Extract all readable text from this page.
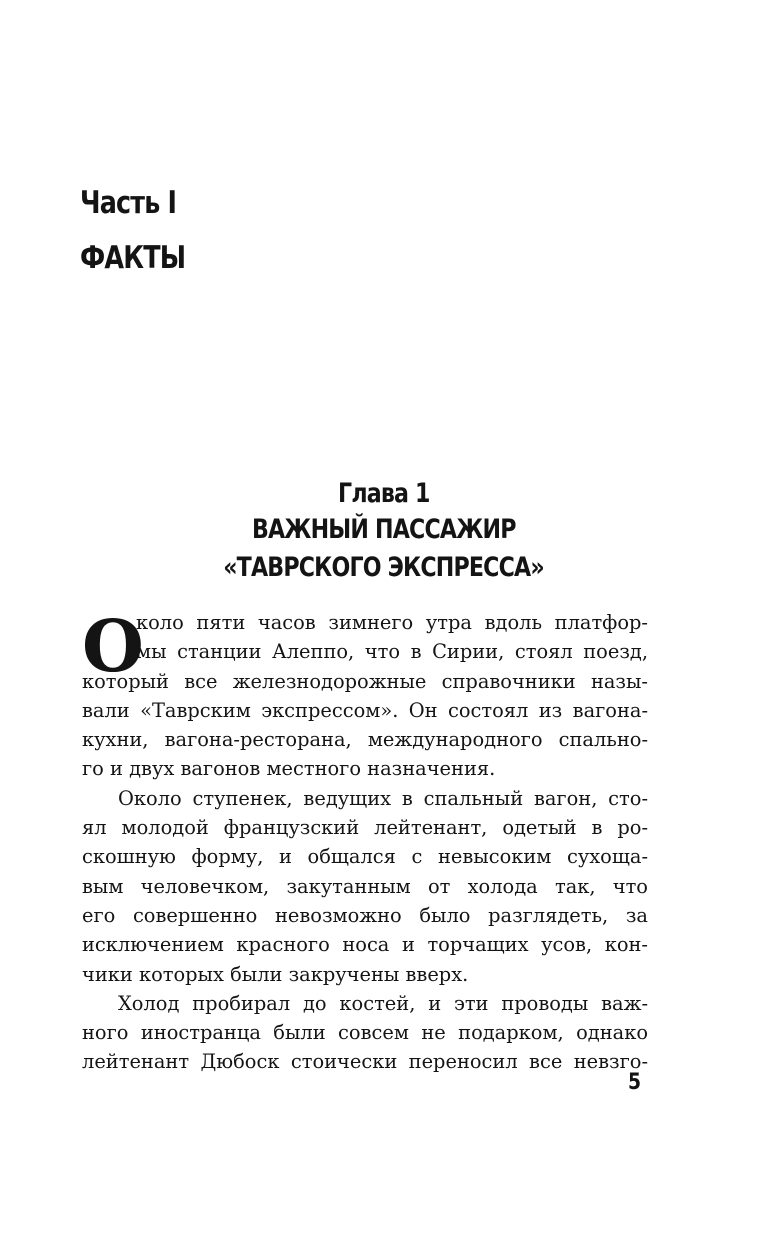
Часть I
ФАКТЫ
Глава 1
ВАЖНЫЙ ПАССАЖИР
«ТАВРСКОГО ЭКСПРЕССА»
О
коло пяти часов зимнего утра вдоль платфор-
мы станции Алеппо, что в Сирии, стоял поезд,
который все железнодорожные справочники назы-
вали «Таврским экспрессом». Он состоял из вагона-
кухни, вагона-ресторана, международного спально-
го и двух вагонов местного назначения.
Около ступенек, ведущих в спальный вагон, сто-
ял молодой французский лейтенант, одетый в ро-
скошную форму, и общался с невысоким сухоща-
вым человечком, закутанным от холода так, что
его совершенно невозможно было разглядеть, за
исключением красного носа и торчащих усов, кон-
чики которых были закручены вверх.
Холод пробирал до костей, и эти проводы важ-
ного иностранца были совсем не подарком, однако
лейтенант Дюбоск стоически переносил все невзго-
5
